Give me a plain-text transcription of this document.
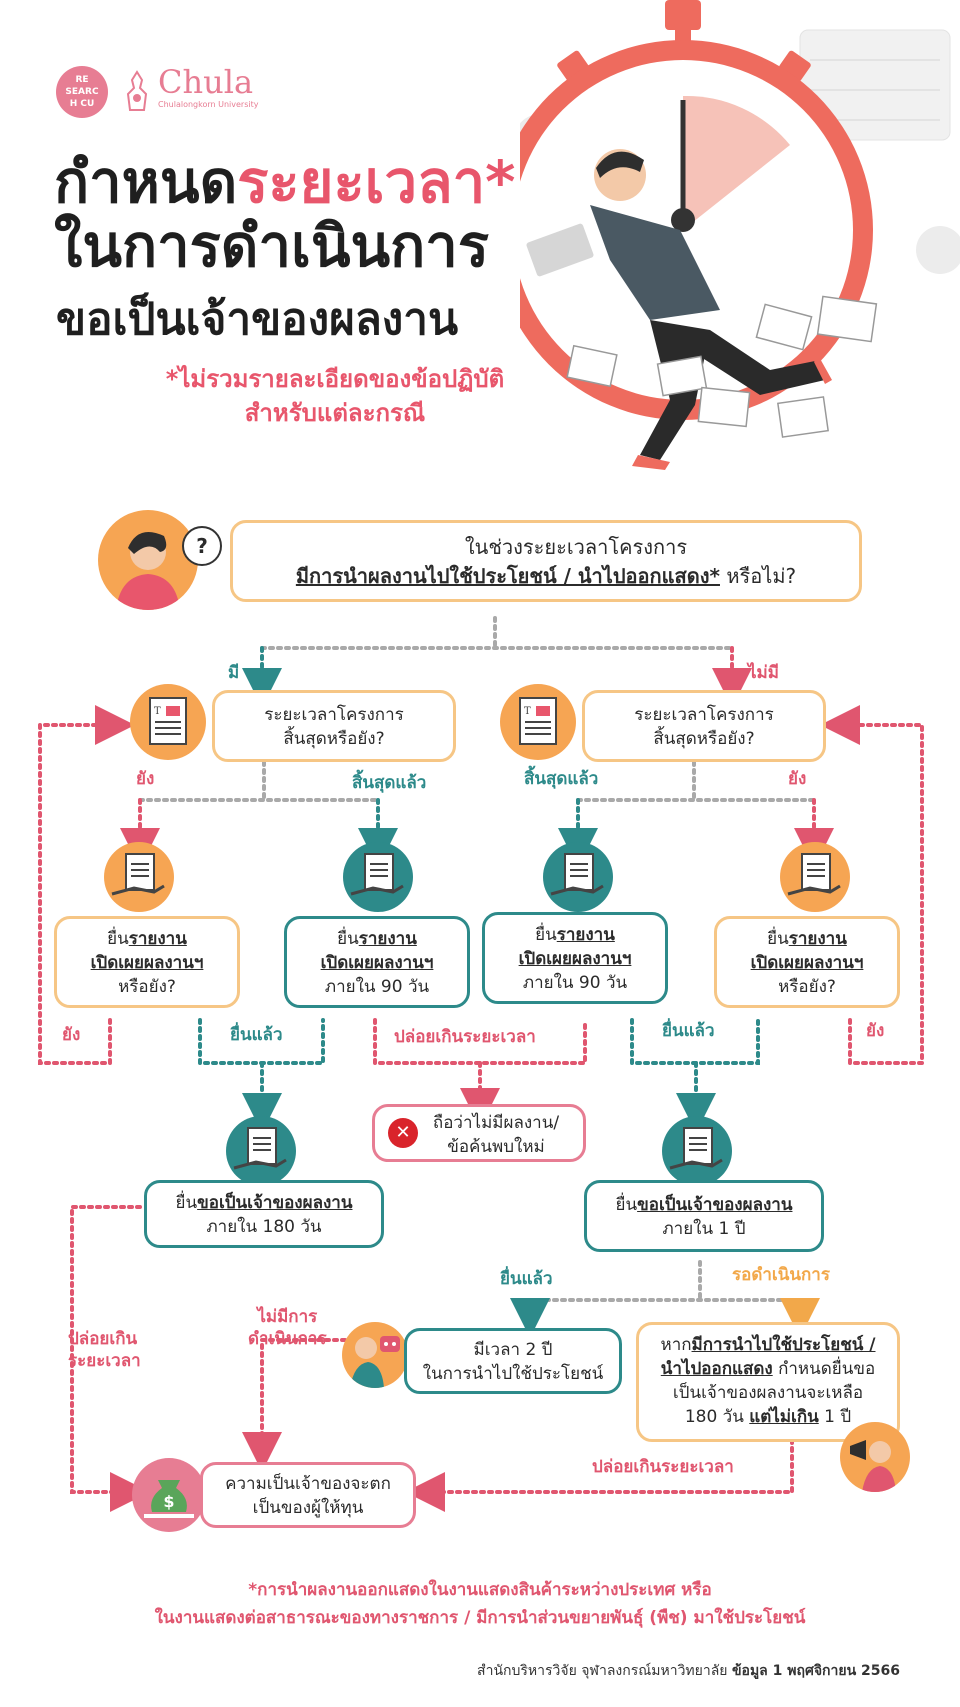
RE SEARCH CU
Chula
Chulalongkorn University
กำหนดระยะเวลา*
ในการดำเนินการ
ขอเป็นเจ้าของผลงาน
*ไม่รวมรายละเอียดของข้อปฏิบัติ
สำหรับแต่ละกรณี
?	ในช่วงระยะเวลาโครงการ
มีการนำผลงานไปใช้ประโยชน์ / นำไปออกแสดง* หรือไม่?
มี	ไม่มี
T	ระยะเวลาโครงการ
สิ้นสุดหรือยัง?
T	ระยะเวลาโครงการ
สิ้นสุดหรือยัง?
ยัง	สิ้นสุดแล้ว	สิ้นสุดแล้ว	ยัง
ยื่นรายงาน
เปิดเผยผลงานฯ
หรือยัง?
ยื่นรายงาน
เปิดเผยผลงานฯ
ภายใน 90 วัน
ยื่นรายงาน
เปิดเผยผลงานฯ
ภายใน 90 วัน
ยื่นรายงาน
เปิดเผยผลงานฯ
หรือยัง?
ยัง	ยื่นแล้ว	ปล่อยเกินระยะเวลา	ยื่นแล้ว	ยัง
ถือว่าไม่มีผลงาน/
ข้อค้นพบใหม่
✕
ยื่นขอเป็นเจ้าของผลงาน
ภายใน 180 วัน
ยื่นขอเป็นเจ้าของผลงาน
ภายใน 1 ปี
ยื่นแล้ว	รอดำเนินการ
ไม่มีการ
ดำเนินการ
ปล่อยเกิน
ระยะเวลา
มีเวลา 2 ปี
ในการนำไปใช้ประโยชน์
หากมีการนำไปใช้ประโยชน์ /
นำไปออกแสดง กำหนดยื่นขอ
เป็นเจ้าของผลงานจะเหลือ
180 วัน แต่ไม่เกิน 1 ปี
ปล่อยเกินระยะเวลา
$
ความเป็นเจ้าของจะตก
เป็นของผู้ให้ทุน
*การนำผลงานออกแสดงในงานแสดงสินค้าระหว่างประเทศ หรือ
ในงานแสดงต่อสาธารณะของทางราชการ / มีการนำส่วนขยายพันธุ์ (พืช) มาใช้ประโยชน์
สำนักบริหารวิจัย จุฬาลงกรณ์มหาวิทยาลัย ข้อมูล 1 พฤศจิกายน 2566
